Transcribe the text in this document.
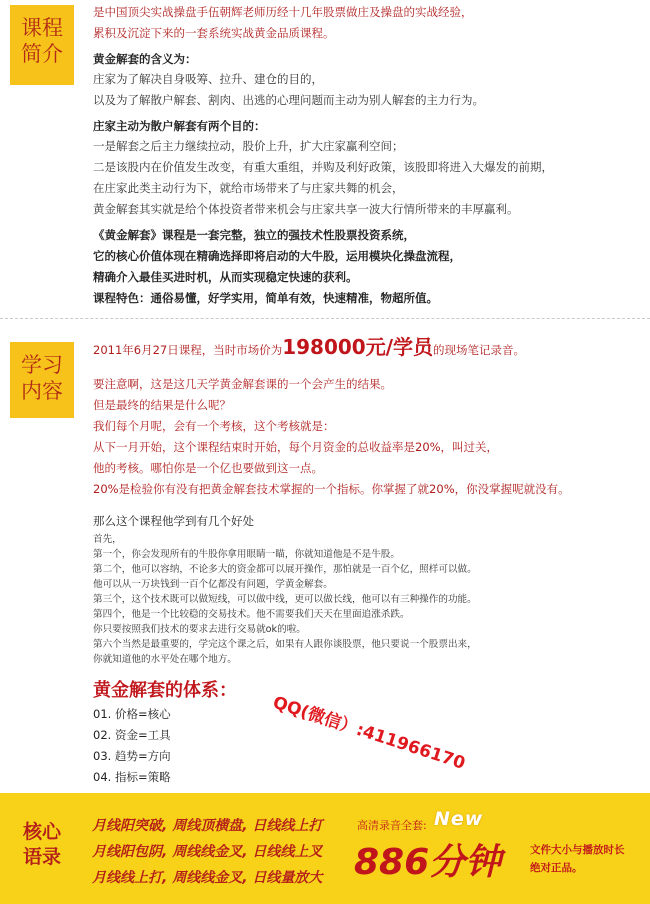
课程
简介
是中国顶尖实战操盘手伍朝辉老师历经十几年股票做庄及操盘的实战经验，
累积及沉淀下来的一套系统实战黄金品质课程。
黄金解套的含义为：
庄家为了解决自身吸筹、拉升、建仓的目的，
以及为了解散户解套、割肉、出逃的心理问题而主动为别人解套的主力行为。
庄家主动为散户解套有两个目的：
一是解套之后主力继续拉动，股价上升，扩大庄家赢利空间；
二是该股内在价值发生改变，有重大重组，并购及利好政策，该股即将进入大爆发的前期，
在庄家此类主动行为下，就给市场带来了与庄家共舞的机会，
黄金解套其实就是给个体投资者带来机会与庄家共享一波大行情所带来的丰厚赢利。
《黄金解套》课程是一套完整，独立的强技术性股票投资系统，
它的核心价值体现在精确选择即将启动的大牛股，运用模块化操盘流程，
精确介入最佳买进时机，从而实现稳定快速的获利。
课程特色：通俗易懂，好学实用，简单有效，快速精准，物超所值。
学习
内容
2011年6月27日课程，当时市场价为198000元/学员的现场笔记录音。
要注意啊，这是这几天学黄金解套课的一个会产生的结果。
但是最终的结果是什么呢？
我们每个月呢，会有一个考核，这个考核就是：
从下一月开始，这个课程结束时开始，每个月资金的总收益率是20%，叫过关，
他的考核。哪怕你是一个亿也要做到这一点。
20%是检验你有没有把黄金解套技术掌握的一个指标。你掌握了就20%，你没掌握呢就没有。
那么这个课程他学到有几个好处
首先，
第一个，你会发现所有的牛股你拿用眼睛一瞄，你就知道他是不是牛股。
第二个，他可以容纳，不论多大的资金都可以展开操作，那怕就是一百个亿，照样可以做。
他可以从一万块钱到一百个亿都没有问题，学黄金解套。
第三个，这个技术既可以做短线，可以做中线，更可以做长线，他可以有三种操作的功能。
第四个，他是一个比较稳的交易技术。他不需要我们天天在里面追涨杀跌。
你只要按照我们技术的要求去进行交易就ok的啦。
第六个当然是最重要的，学完这个课之后，如果有人跟你谈股票，他只要说一个股票出来，
你就知道他的水平处在哪个地方。
黄金解套的体系：
01. 价格=核心
02. 资金=工具
03. 趋势=方向
04. 指标=策略
QQ(微信）:411966170
核心
语录
月线阳突破, 周线顶横盘, 日线线上打
月线阳包阴, 周线线金叉, 日线线上叉
月线线上打, 周线线金叉, 日线量放大
高清录音全套: New
886分钟	文件大小与播放时长
绝对正品。
